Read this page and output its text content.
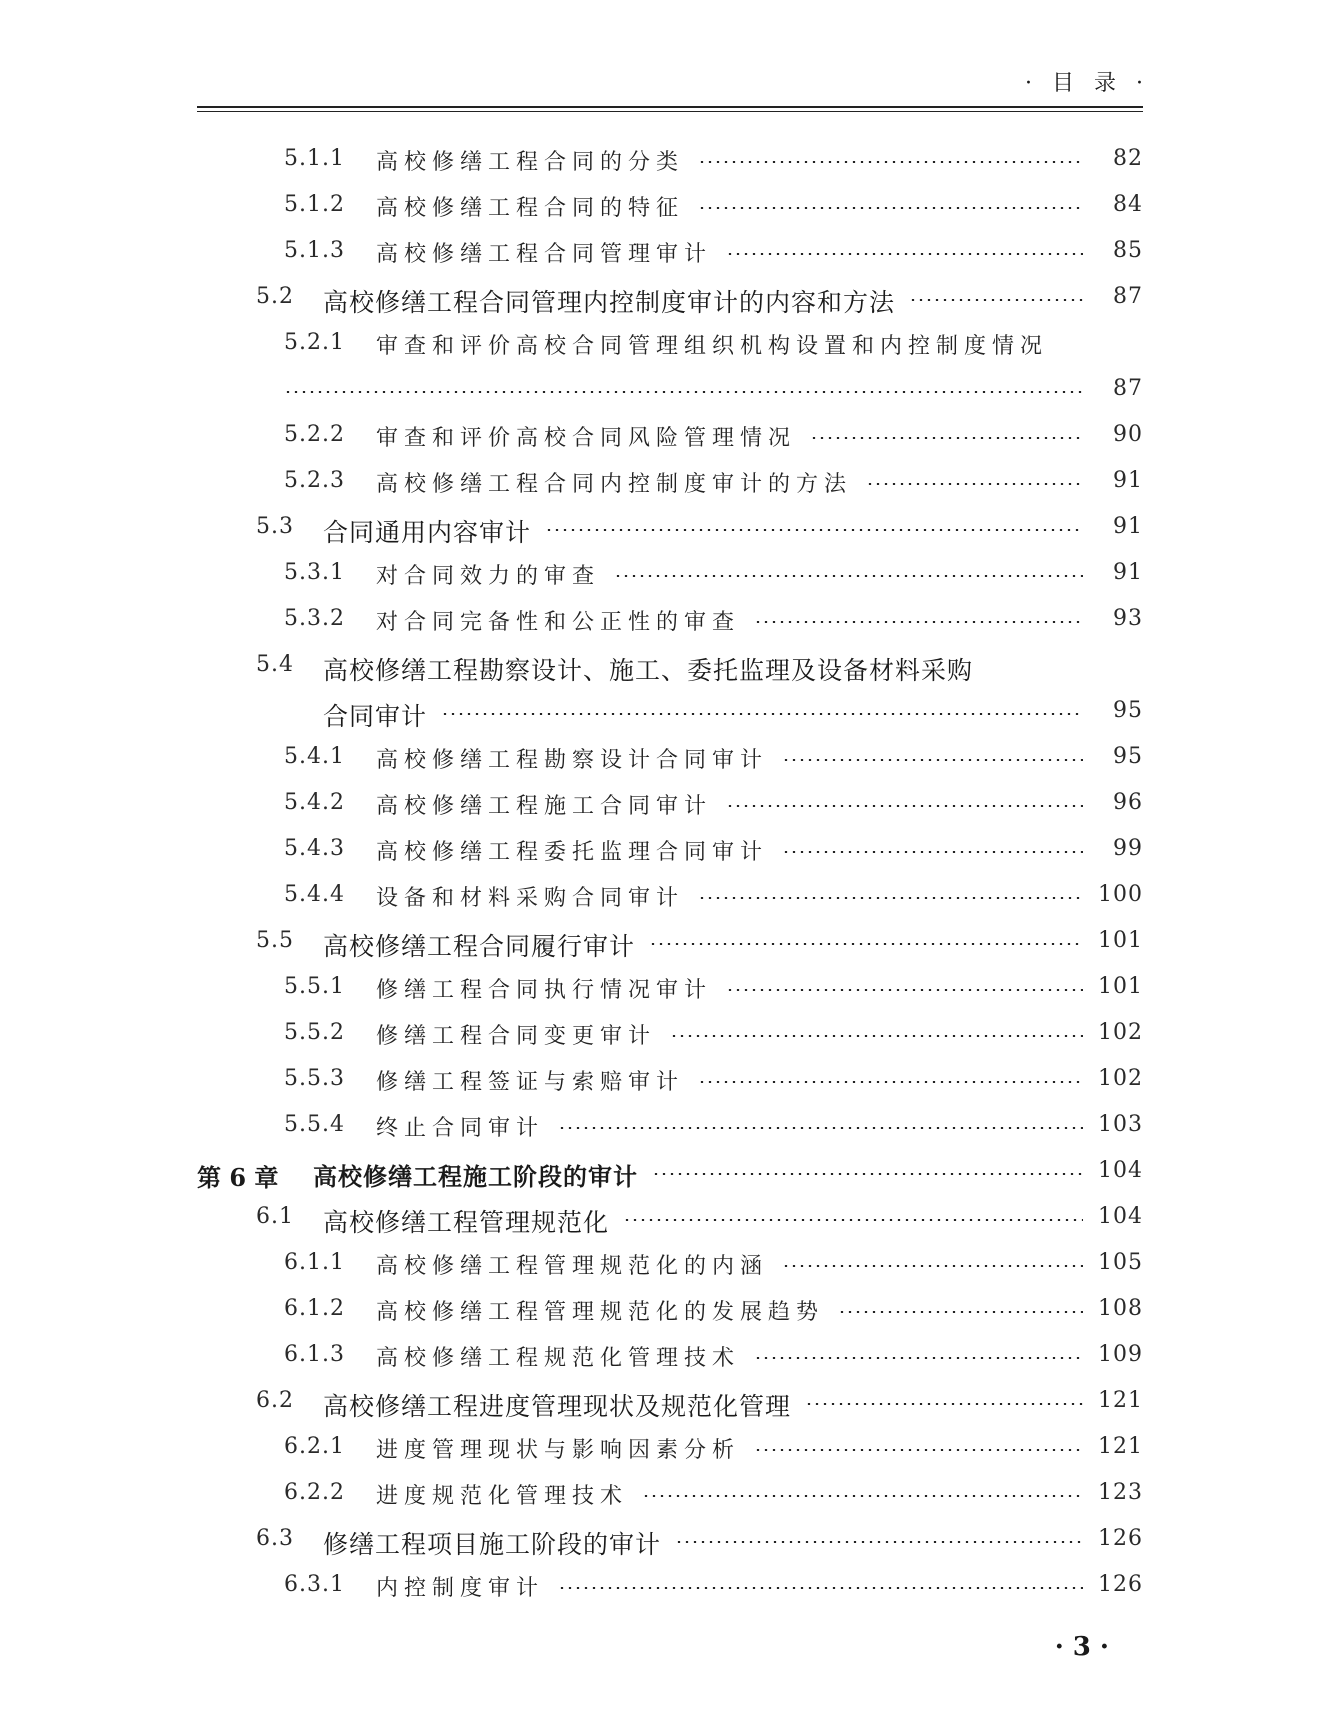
· 目 录 ·
5.1.1 高校修缮工程合同的分类	82
5.1.2 高校修缮工程合同的特征	84
5.1.3 高校修缮工程合同管理审计	85
5.2 高校修缮工程合同管理内控制度审计的内容和方法	87
5.2.1 审查和评价高校合同管理组织机构设置和内控制度情况
87
5.2.2 审查和评价高校合同风险管理情况	90
5.2.3 高校修缮工程合同内控制度审计的方法	91
5.3 合同通用内容审计	91
5.3.1 对合同效力的审查	91
5.3.2 对合同完备性和公正性的审查	93
5.4 高校修缮工程勘察设计、施工、委托监理及设备材料采购
合同审计	95
5.4.1 高校修缮工程勘察设计合同审计	95
5.4.2 高校修缮工程施工合同审计	96
5.4.3 高校修缮工程委托监理合同审计	99
5.4.4 设备和材料采购合同审计	100
5.5 高校修缮工程合同履行审计	101
5.5.1 修缮工程合同执行情况审计	101
5.5.2 修缮工程合同变更审计	102
5.5.3 修缮工程签证与索赔审计	102
5.5.4 终止合同审计	103
第 6 章 高校修缮工程施工阶段的审计	104
6.1 高校修缮工程管理规范化	104
6.1.1 高校修缮工程管理规范化的内涵	105
6.1.2 高校修缮工程管理规范化的发展趋势	108
6.1.3 高校修缮工程规范化管理技术	109
6.2 高校修缮工程进度管理现状及规范化管理	121
6.2.1 进度管理现状与影响因素分析	121
6.2.2 进度规范化管理技术	123
6.3 修缮工程项目施工阶段的审计	126
6.3.1 内控制度审计	126
· 3 ·
